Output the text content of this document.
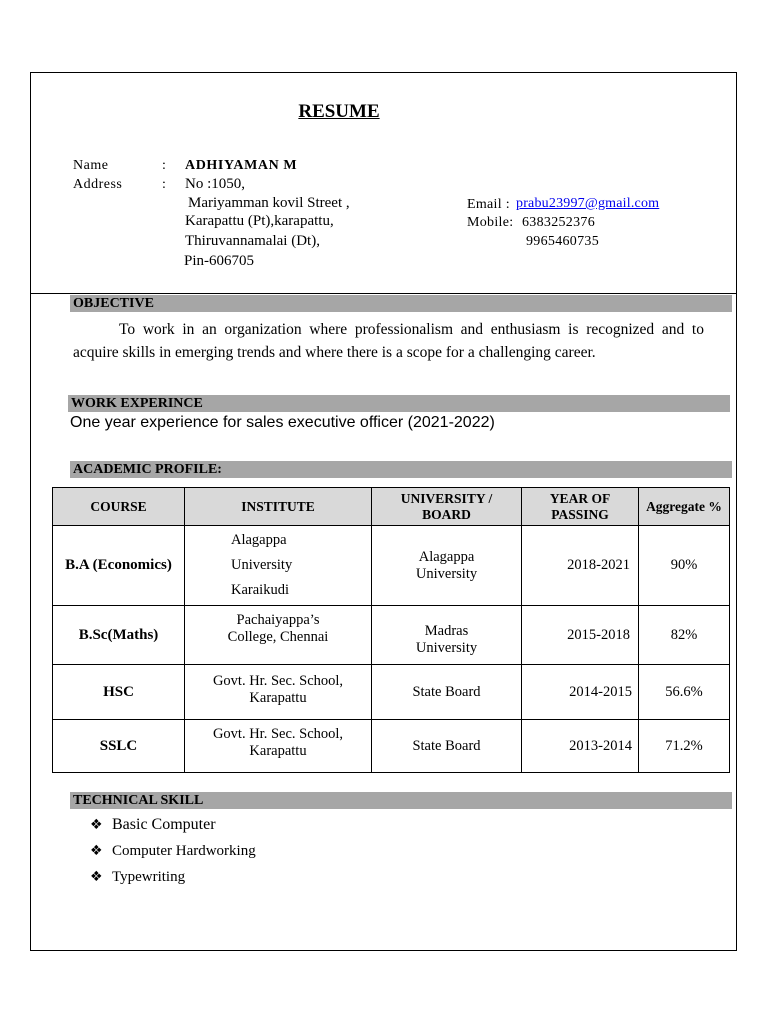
RESUME
Name	: ADHIYAMAN M
Address	: No :1050,
Mariyamman kovil Street ,
Karapattu (Pt),karapattu,
Thiruvannamalai (Dt),
Pin-606705
Email : prabu23997@gmail.com
Mobile: 6383252376
9965460735
OBJECTIVE
To work in an organization where professionalism and enthusiasm is recognized and to acquire skills in emerging trends and where there is a scope for a challenging career.
WORK EXPERINCE
One year experience for sales executive officer (2021-2022)
ACADEMIC PROFILE:
COURSE	INSTITUTE	UNIVERSITY / BOARD	YEAR OF PASSING	Aggregate %
B.A (Economics)	Alagappa
University
Karaikudi	Alagappa University	2018-2021	90%
B.Sc(Maths)	Pachaiyappa’s College, Chennai	Madras University	2015-2018	82%
HSC	Govt. Hr. Sec. School, Karapattu	State Board	2014-2015	56.6%
SSLC	Govt. Hr. Sec. School, Karapattu	State Board	2013-2014	71.2%
TECHNICAL SKILL
❖ Basic Computer
❖ Computer Hardworking
❖ Typewriting
